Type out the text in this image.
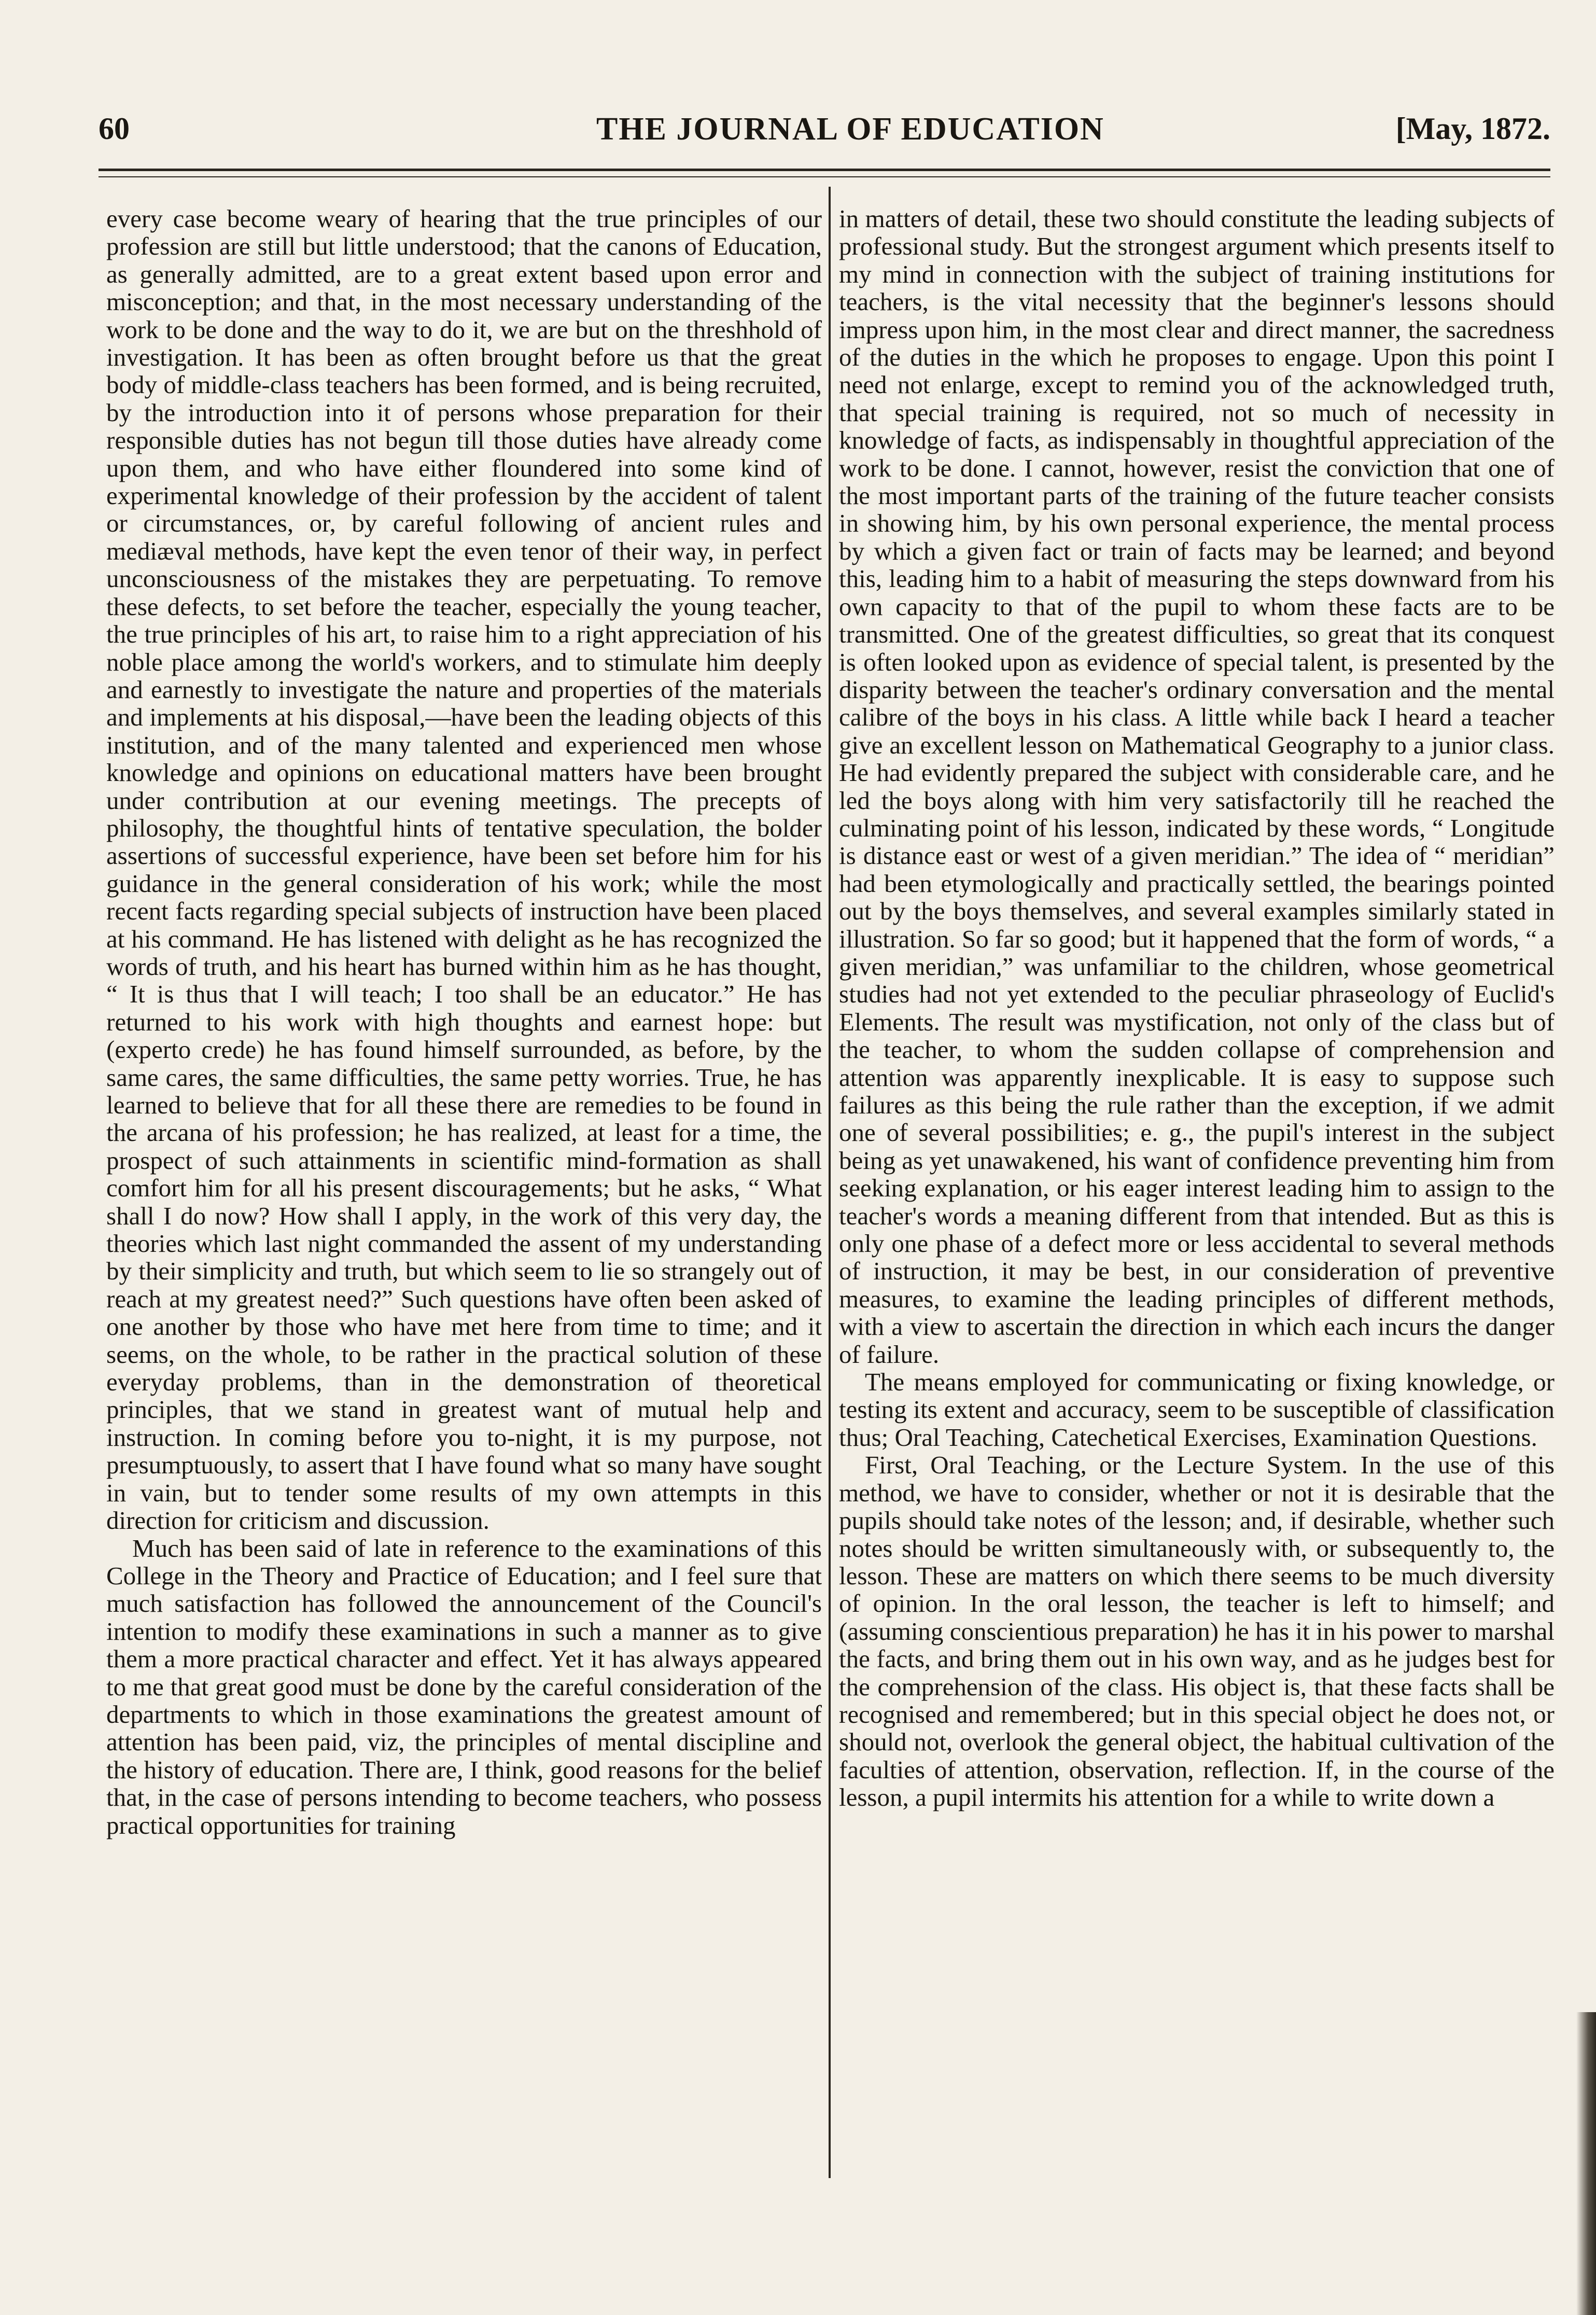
60	THE JOURNAL OF EDUCATION	[May, 1872.

every case become weary of hearing that the true principles of our profession are still but little understood; that the canons of Education, as generally admitted, are to a great extent based upon error and misconception; and that, in the most necessary understanding of the work to be done and the way to do it, we are but on the threshhold of investigation. It has been as often brought before us that the great body of middle-class teachers has been formed, and is being recruited, by the introduction into it of persons whose preparation for their responsible duties has not begun till those duties have already come upon them, and who have either floundered into some kind of experimental knowledge of their profession by the accident of talent or circumstances, or, by careful following of ancient rules and mediæval methods, have kept the even tenor of their way, in perfect unconsciousness of the mistakes they are perpetuating. To remove these defects, to set before the teacher, especially the young teacher, the true principles of his art, to raise him to a right appreciation of his noble place among the world's workers, and to stimulate him deeply and earnestly to investigate the nature and properties of the materials and implements at his disposal,—have been the leading objects of this institution, and of the many talented and experienced men whose knowledge and opinions on educational matters have been brought under contribution at our evening meetings. The precepts of philosophy, the thoughtful hints of tentative speculation, the bolder assertions of successful experience, have been set before him for his guidance in the general consideration of his work; while the most recent facts regarding special subjects of instruction have been placed at his command. He has listened with delight as he has recognized the words of truth, and his heart has burned within him as he has thought, “ It is thus that I will teach; I too shall be an educator.” He has returned to his work with high thoughts and earnest hope: but (experto crede) he has found himself surrounded, as before, by the same cares, the same difficulties, the same petty worries. True, he has learned to believe that for all these there are remedies to be found in the arcana of his profession; he has realized, at least for a time, the prospect of such attainments in scientific mind-formation as shall comfort him for all his present discouragements; but he asks, “ What shall I do now? How shall I apply, in the work of this very day, the theories which last night commanded the assent of my understanding by their simplicity and truth, but which seem to lie so strangely out of reach at my greatest need?” Such questions have often been asked of one another by those who have met here from time to time; and it seems, on the whole, to be rather in the practical solution of these everyday problems, than in the demonstration of theoretical principles, that we stand in greatest want of mutual help and instruction. In coming before you to-night, it is my purpose, not presumptuously, to assert that I have found what so many have sought in vain, but to tender some results of my own attempts in this direction for criticism and discussion.

Much has been said of late in reference to the examinations of this College in the Theory and Practice of Education; and I feel sure that much satisfaction has followed the announcement of the Council's intention to modify these examinations in such a manner as to give them a more practical character and effect. Yet it has always appeared to me that great good must be done by the careful consideration of the departments to which in those examinations the greatest amount of attention has been paid, viz, the principles of mental discipline and the history of education. There are, I think, good reasons for the belief that, in the case of persons intending to become teachers, who possess practical opportunities for training

in matters of detail, these two should constitute the leading subjects of professional study. But the strongest argument which presents itself to my mind in connection with the subject of training institutions for teachers, is the vital necessity that the beginner's lessons should impress upon him, in the most clear and direct manner, the sacredness of the duties in the which he proposes to engage. Upon this point I need not enlarge, except to remind you of the acknowledged truth, that special training is required, not so much of necessity in knowledge of facts, as indispensably in thoughtful appreciation of the work to be done. I cannot, however, resist the conviction that one of the most important parts of the training of the future teacher consists in showing him, by his own personal experience, the mental process by which a given fact or train of facts may be learned; and beyond this, leading him to a habit of measuring the steps downward from his own capacity to that of the pupil to whom these facts are to be transmitted. One of the greatest difficulties, so great that its conquest is often looked upon as evidence of special talent, is presented by the disparity between the teacher's ordinary conversation and the mental calibre of the boys in his class. A little while back I heard a teacher give an excellent lesson on Mathematical Geography to a junior class. He had evidently prepared the subject with considerable care, and he led the boys along with him very satisfactorily till he reached the culminating point of his lesson, indicated by these words, “ Longitude is distance east or west of a given meridian.” The idea of “ meridian” had been etymologically and practically settled, the bearings pointed out by the boys themselves, and several examples similarly stated in illustration. So far so good; but it happened that the form of words, “ a given meridian,” was unfamiliar to the children, whose geometrical studies had not yet extended to the peculiar phraseology of Euclid's Elements. The result was mystification, not only of the class but of the teacher, to whom the sudden collapse of comprehension and attention was apparently inexplicable. It is easy to suppose such failures as this being the rule rather than the exception, if we admit one of several possibilities; e. g., the pupil's interest in the subject being as yet unawakened, his want of confidence preventing him from seeking explanation, or his eager interest leading him to assign to the teacher's words a meaning different from that intended. But as this is only one phase of a defect more or less accidental to several methods of instruction, it may be best, in our consideration of preventive measures, to examine the leading principles of different methods, with a view to ascertain the direction in which each incurs the danger of failure.

The means employed for communicating or fixing knowledge, or testing its extent and accuracy, seem to be susceptible of classification thus; Oral Teaching, Catechetical Exercises, Examination Questions.

First, Oral Teaching, or the Lecture System. In the use of this method, we have to consider, whether or not it is desirable that the pupils should take notes of the lesson; and, if desirable, whether such notes should be written simultaneously with, or subsequently to, the lesson. These are matters on which there seems to be much diversity of opinion. In the oral lesson, the teacher is left to himself; and (assuming conscientious preparation) he has it in his power to marshal the facts, and bring them out in his own way, and as he judges best for the comprehension of the class. His object is, that these facts shall be recognised and remembered; but in this special object he does not, or should not, overlook the general object, the habitual cultivation of the faculties of attention, observation, reflection. If, in the course of the lesson, a pupil intermits his attention for a while to write down a
